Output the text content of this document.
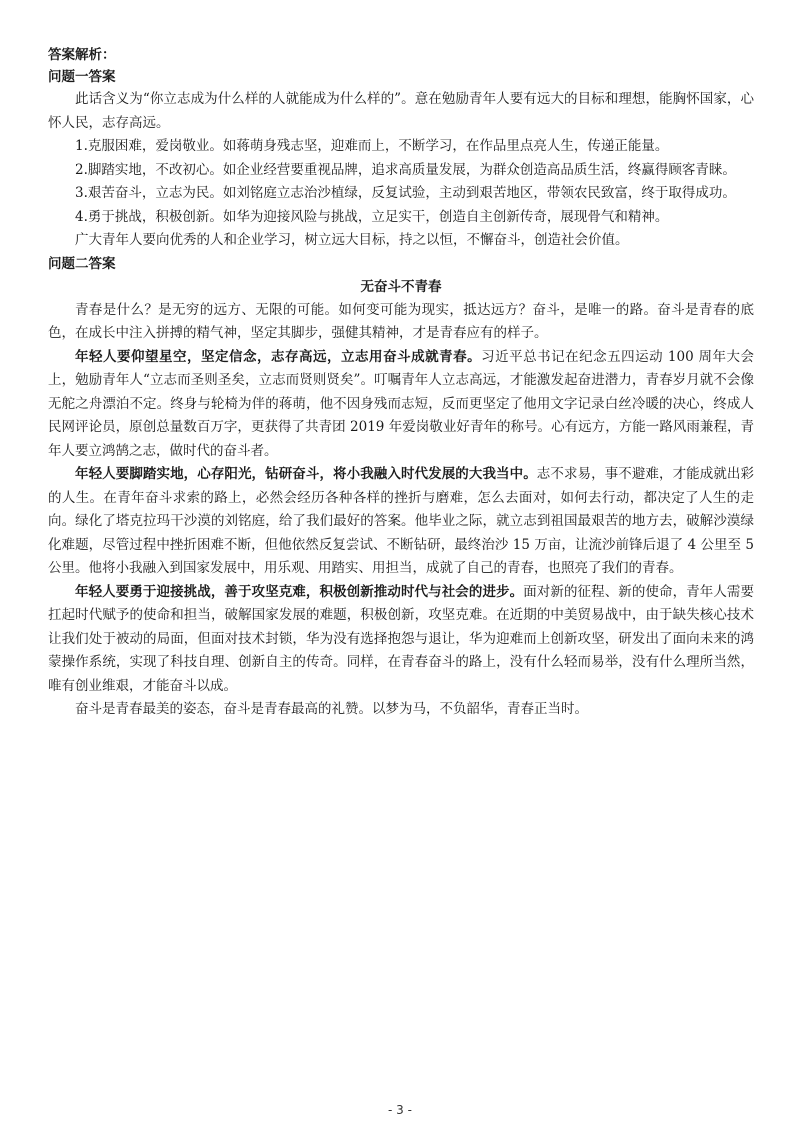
答案解析：

问题一答案

此话含义为“你立志成为什么样的人就能成为什么样的”。意在勉励青年人要有远大的目标和理想，能胸怀国家，心怀人民，志存高远。

1.克服困难，爱岗敬业。如蒋萌身残志坚，迎难而上，不断学习，在作品里点亮人生，传递正能量。

2.脚踏实地，不改初心。如企业经营要重视品牌，追求高质量发展，为群众创造高品质生活，终赢得顾客青睐。

3.艰苦奋斗，立志为民。如刘铭庭立志治沙植绿，反复试验，主动到艰苦地区，带领农民致富，终于取得成功。

4.勇于挑战，积极创新。如华为迎接风险与挑战，立足实干，创造自主创新传奇，展现骨气和精神。

广大青年人要向优秀的人和企业学习，树立远大目标，持之以恒，不懈奋斗，创造社会价值。

问题二答案

无奋斗不青春

青春是什么？是无穷的远方、无限的可能。如何变可能为现实，抵达远方？奋斗，是唯一的路。奋斗是青春的底色，在成长中注入拼搏的精气神，坚定其脚步，强健其精神，才是青春应有的样子。

年轻人要仰望星空，坚定信念，志存高远，立志用奋斗成就青春。习近平总书记在纪念五四运动 100 周年大会上，勉励青年人“立志而圣则圣矣，立志而贤则贤矣”。叮嘱青年人立志高远，才能激发起奋进潜力，青春岁月就不会像无舵之舟漂泊不定。终身与轮椅为伴的蒋萌，他不因身残而志短，反而更坚定了他用文字记录白丝冷暖的决心，终成人民网评论员，原创总量数百万字，更获得了共青团 2019 年爱岗敬业好青年的称号。心有远方，方能一路风雨兼程，青年人要立鸿鹄之志，做时代的奋斗者。

年轻人要脚踏实地，心存阳光，钻研奋斗，将小我融入时代发展的大我当中。志不求易，事不避难，才能成就出彩的人生。在青年奋斗求索的路上，必然会经历各种各样的挫折与磨难，怎么去面对，如何去行动，都决定了人生的走向。绿化了塔克拉玛干沙漠的刘铭庭，给了我们最好的答案。他毕业之际，就立志到祖国最艰苦的地方去，破解沙漠绿化难题，尽管过程中挫折困难不断，但他依然反复尝试、不断钻研，最终治沙 15 万亩，让流沙前锋后退了 4 公里至 5 公里。他将小我融入到国家发展中，用乐观、用踏实、用担当，成就了自己的青春，也照亮了我们的青春。

年轻人要勇于迎接挑战，善于攻坚克难，积极创新推动时代与社会的进步。面对新的征程、新的使命，青年人需要扛起时代赋予的使命和担当，破解国家发展的难题，积极创新，攻坚克难。在近期的中美贸易战中，由于缺失核心技术让我们处于被动的局面，但面对技术封锁，华为没有选择抱怨与退让，华为迎难而上创新攻坚，研发出了面向未来的鸿蒙操作系统，实现了科技自理、创新自主的传奇。同样，在青春奋斗的路上，没有什么轻而易举，没有什么理所当然，唯有创业维艰，才能奋斗以成。

奋斗是青春最美的姿态，奋斗是青春最高的礼赞。以梦为马，不负韶华，青春正当时。

- 3 -
